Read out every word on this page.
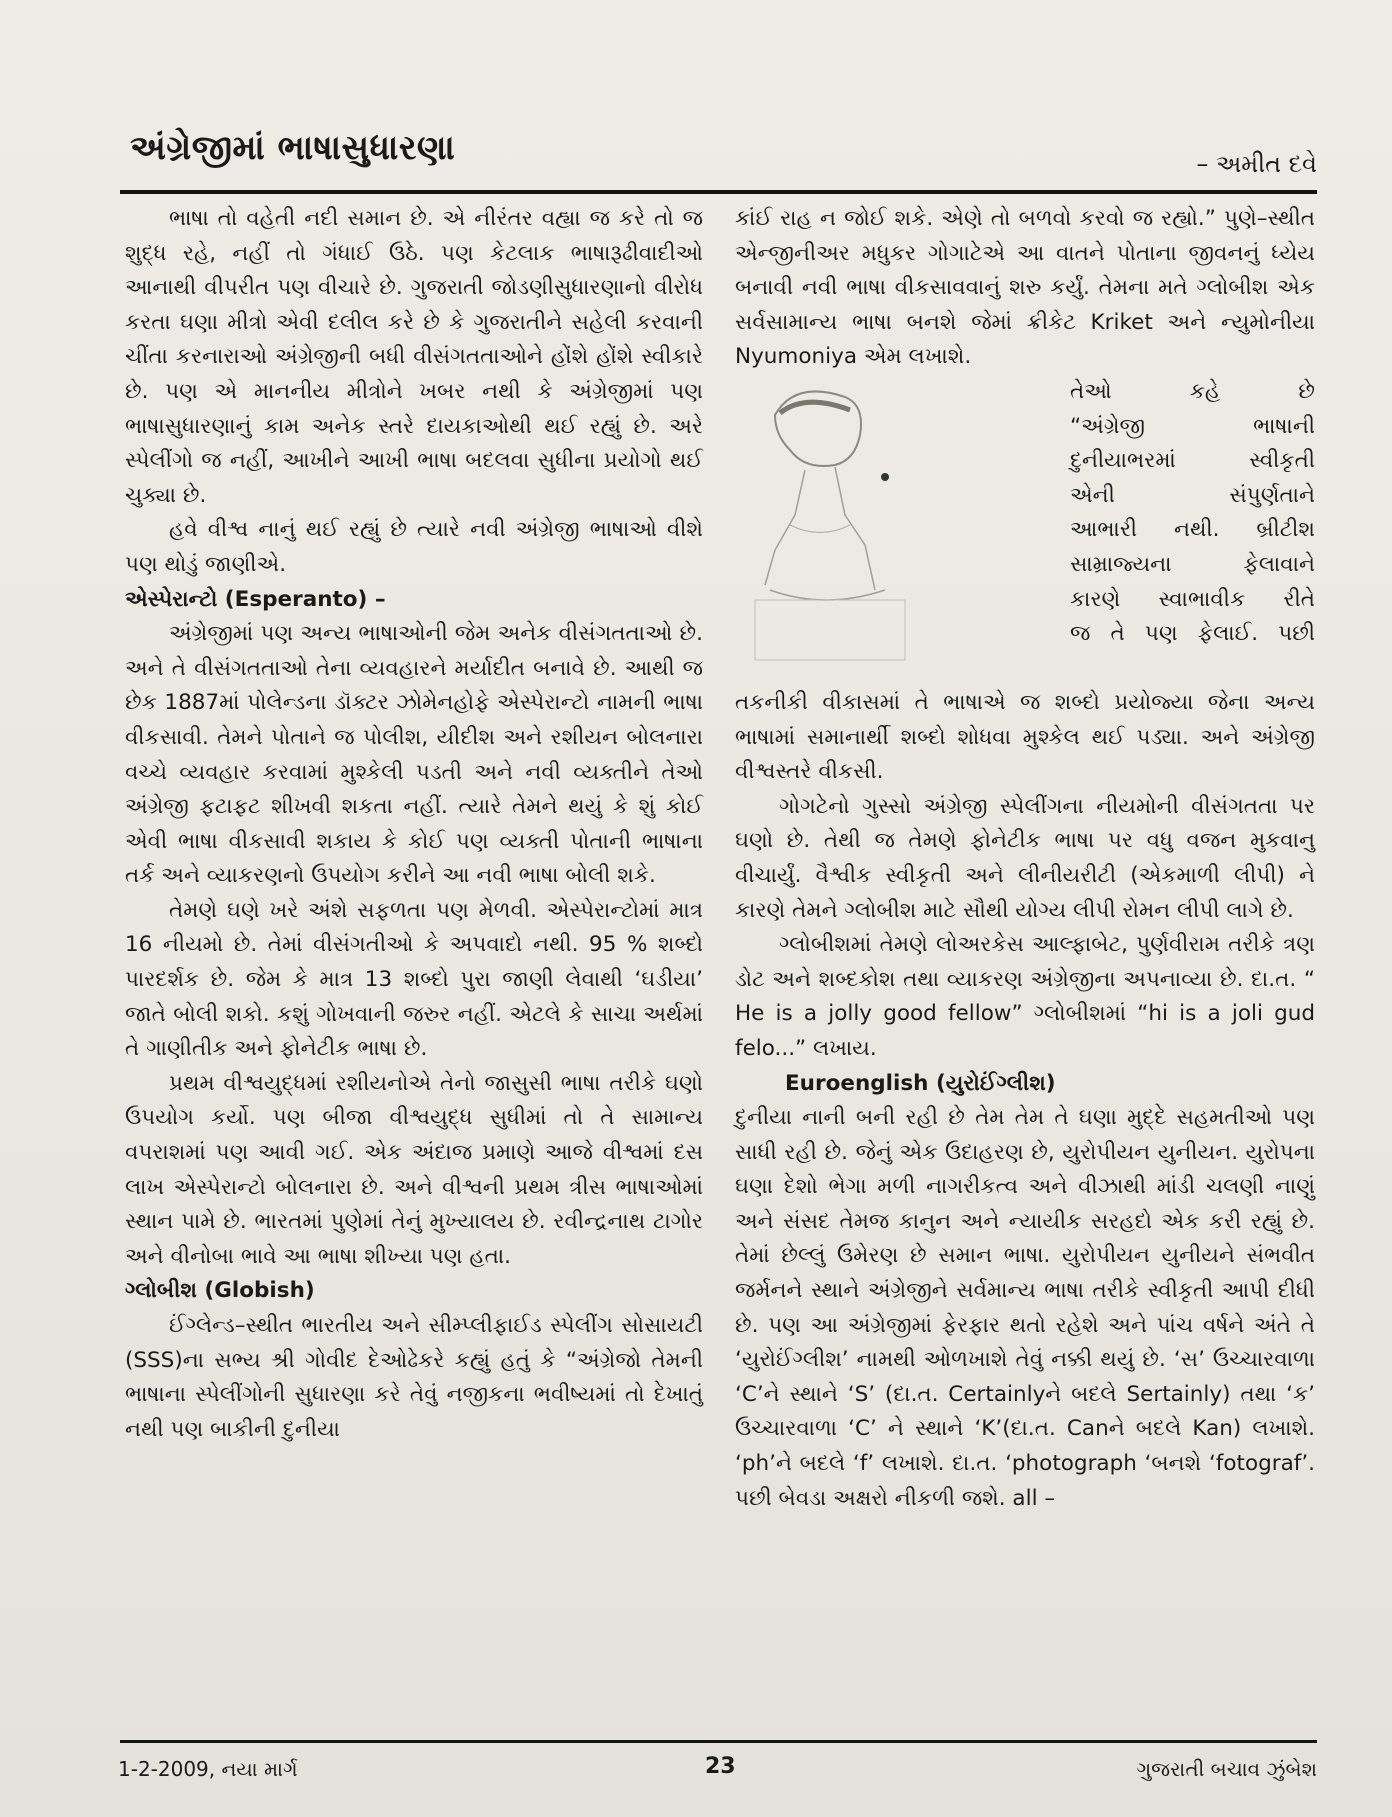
અંગ્રેજીમાં ભાષાસુધારણા	– અમીત દવે

ભાષા તો વહેતી નદી સમાન છે. એ નીરંતર વહ્યા જ કરે તો જ શુદ્ધ રહે, નહીં તો ગંધાઈ ઉઠે. પણ કેટલાક ભાષારૂઢીવાદીઓ આનાથી વીપરીત પણ વીચારે છે. ગુજરાતી જોડણીસુધારણાનો વીરોધ કરતા ઘણા મીત્રો એવી દલીલ કરે છે કે ગુજરાતીને સહેલી કરવાની ચીંતા કરનારાઓ અંગ્રેજીની બધી વીસંગતતાઓને હોંશે હોંશે સ્વીકારે છે. પણ એ માનનીય મીત્રોને ખબર નથી કે અંગ્રેજીમાં પણ ભાષાસુધારણાનું કામ અનેક સ્તરે દાયકાઓથી થઈ રહ્યું છે. અરે સ્પેલીંગો જ નહીં, આખીને આખી ભાષા બદલવા સુધીના પ્રયોગો થઈ ચુક્યા છે.

હવે વીશ્વ નાનું થઈ રહ્યું છે ત્યારે નવી અંગ્રેજી ભાષાઓ વીશે પણ થોડું જાણીએ.

એસ્પેરાન્ટો (Esperanto) –

અંગ્રેજીમાં પણ અન્ય ભાષાઓની જેમ અનેક વીસંગતતાઓ છે. અને તે વીસંગતતાઓ તેના વ્યવહારને મર્યાદીત બનાવે છે. આથી જ છેક 1887માં પોલેન્ડના ડૉક્ટર ઝોમેનહોફે એસ્પેરાન્ટો નામની ભાષા વીકસાવી. તેમને પોતાને જ પોલીશ, યીદીશ અને રશીયન બોલનારા વચ્ચે વ્યવહાર કરવામાં મુશ્કેલી પડતી અને નવી વ્યક્તીને તેઓ અંગ્રેજી ફટાફટ શીખવી શકતા નહીં. ત્યારે તેમને થયું કે શું કોઈ એવી ભાષા વીકસાવી શકાય કે કોઈ પણ વ્યક્તી પોતાની ભાષાના તર્ક અને વ્યાકરણનો ઉપયોગ કરીને આ નવી ભાષા બોલી શકે.

તેમણે ઘણે ખરે અંશે સફળતા પણ મેળવી. એસ્પેરાન્ટોમાં માત્ર 16 નીયમો છે. તેમાં વીસંગતીઓ કે અપવાદો નથી. 95 % શબ્દો પારદર્શક છે. જેમ કે માત્ર 13 શબ્દો પુરા જાણી લેવાથી ‘ઘડીયા’ જાતે બોલી શકો. કશું ગોખવાની જરુર નહીં. એટલે કે સાચા અર્થમાં તે ગાણીતીક અને ફોનેટીક ભાષા છે.

પ્રથમ વીશ્વયુદ્ધમાં રશીયનોએ તેનો જાસુસી ભાષા તરીકે ઘણો ઉપયોગ કર્યો. પણ બીજા વીશ્વયુદ્ધ સુધીમાં તો તે સામાન્ય વપરાશમાં પણ આવી ગઈ. એક અંદાજ પ્રમાણે આજે વીશ્વમાં દસ લાખ એસ્પેરાન્ટો બોલનારા છે. અને વીશ્વની પ્રથમ ત્રીસ ભાષાઓમાં સ્થાન પામે છે. ભારતમાં પુણેમાં તેનું મુખ્યાલય છે. રવીન્દ્રનાથ ટાગોર અને વીનોબા ભાવે આ ભાષા શીખ્યા પણ હતા.

ગ્લોબીશ (Globish)

ઈંગ્લેન્ડ–સ્થીત ભારતીય અને સીમ્પ્લીફાઈડ સ્પેલીંગ સોસાયટી (SSS)ના સભ્ય શ્રી ગોવીદ દેઓઢેકરે કહ્યું હતું કે “અંગ્રેજો તેમની ભાષાના સ્પેલીંગોની સુધારણા કરે તેવું નજીકના ભવીષ્યમાં તો દેખાતું નથી પણ બાકીની દુનીયા

કાંઈ રાહ ન જોઈ શકે. એણે તો બળવો કરવો જ રહ્યો.” પુણે–સ્થીત એન્જીનીઅર મધુકર ગોગાટેએ આ વાતને પોતાના જીવનનું ધ્યેય બનાવી નવી ભાષા વીકસાવવાનું શરુ કર્યું. તેમના મતે ગ્લોબીશ એક સર્વસામાન્ય ભાષા બનશે જેમાં ક્રીકેટ Kriket અને ન્યુમોનીયા Nyumoniya એમ લખાશે.

તેઓ કહે છે
“અંગ્રેજી ભાષાની
દુનીયાભરમાં સ્વીકૃતી
એની સંપુર્ણતાને
આભારી નથી. બ્રીટીશ
સામ્રાજ્યના ફેલાવાને
કારણે સ્વાભાવીક રીતે
જ તે પણ ફેલાઈ. પછી

તકનીકી વીકાસમાં તે ભાષાએ જ શબ્દો પ્રયોજ્યા જેના અન્ય ભાષામાં સમાનાર્થી શબ્દો શોધવા મુશ્કેલ થઈ પડ્યા. અને અંગ્રેજી વીશ્વસ્તરે વીકસી.

ગોગટેનો ગુસ્સો અંગ્રેજી સ્પેલીંગના નીયમોની વીસંગતતા પર ઘણો છે. તેથી જ તેમણે ફોનેટીક ભાષા પર વધુ વજન મુકવાનુ વીચાર્યું. વૈશ્વીક સ્વીકૃતી અને લીનીયરીટી (એકમાળી લીપી) ને કારણે તેમને ગ્લોબીશ માટે સૌથી યોગ્ય લીપી રોમન લીપી લાગે છે.

ગ્લોબીશમાં તેમણે લોઅરકેસ આલ્ફાબેટ, પુર્ણવીરામ તરીકે ત્રણ ડોટ અને શબ્દકોશ તથા વ્યાકરણ અંગ્રેજીના અપનાવ્યા છે. દા.ત. “ He is a jolly good fellow” ગ્લોબીશમાં “hi is a joli gud felo...” લખાય.

Euroenglish (યુરોઈંગ્લીશ)

દુનીયા નાની બની રહી છે તેમ તેમ તે ઘણા મુદ્દે સહમતીઓ પણ સાધી રહી છે. જેનું એક ઉદાહરણ છે, યુરોપીયન યુનીયન. યુરોપના ઘણા દેશો ભેગા મળી નાગરીકત્વ અને વીઝાથી માંડી ચલણી નાણું અને સંસદ તેમજ કાનુન અને ન્યાયીક સરહદો એક કરી રહ્યું છે. તેમાં છેલ્લું ઉમેરણ છે સમાન ભાષા. યુરોપીયન યુનીયને સંભવીત જર્મનને સ્થાને અંગ્રેજીને સર્વમાન્ય ભાષા તરીકે સ્વીકૃતી આપી દીધી છે. પણ આ અંગ્રેજીમાં ફેરફાર થતો રહેશે અને પાંચ વર્ષને અંતે તે ‘યુરોઈંગ્લીશ’ નામથી ઓળખાશે તેવું નક્કી થયું છે. ‘સ’ ઉચ્ચારવાળા ‘C’ને સ્થાને ‘S’ (દા.ત. Certainlyને બદલે Sertainly) તથા ‘ક’ ઉચ્ચારવાળા ‘C’ ને સ્થાને ‘K’(દા.ત. Canને બદલે Kan) લખાશે. ‘ph’ને બદલે ‘f’ લખાશે. દા.ત. ‘photograph ‘બનશે ‘fotograf’. પછી બેવડા અક્ષરો નીકળી જશે. all –

1-2-2009, નયા માર્ગ	23	ગુજરાતી બચાવ ઝુંબેશ
